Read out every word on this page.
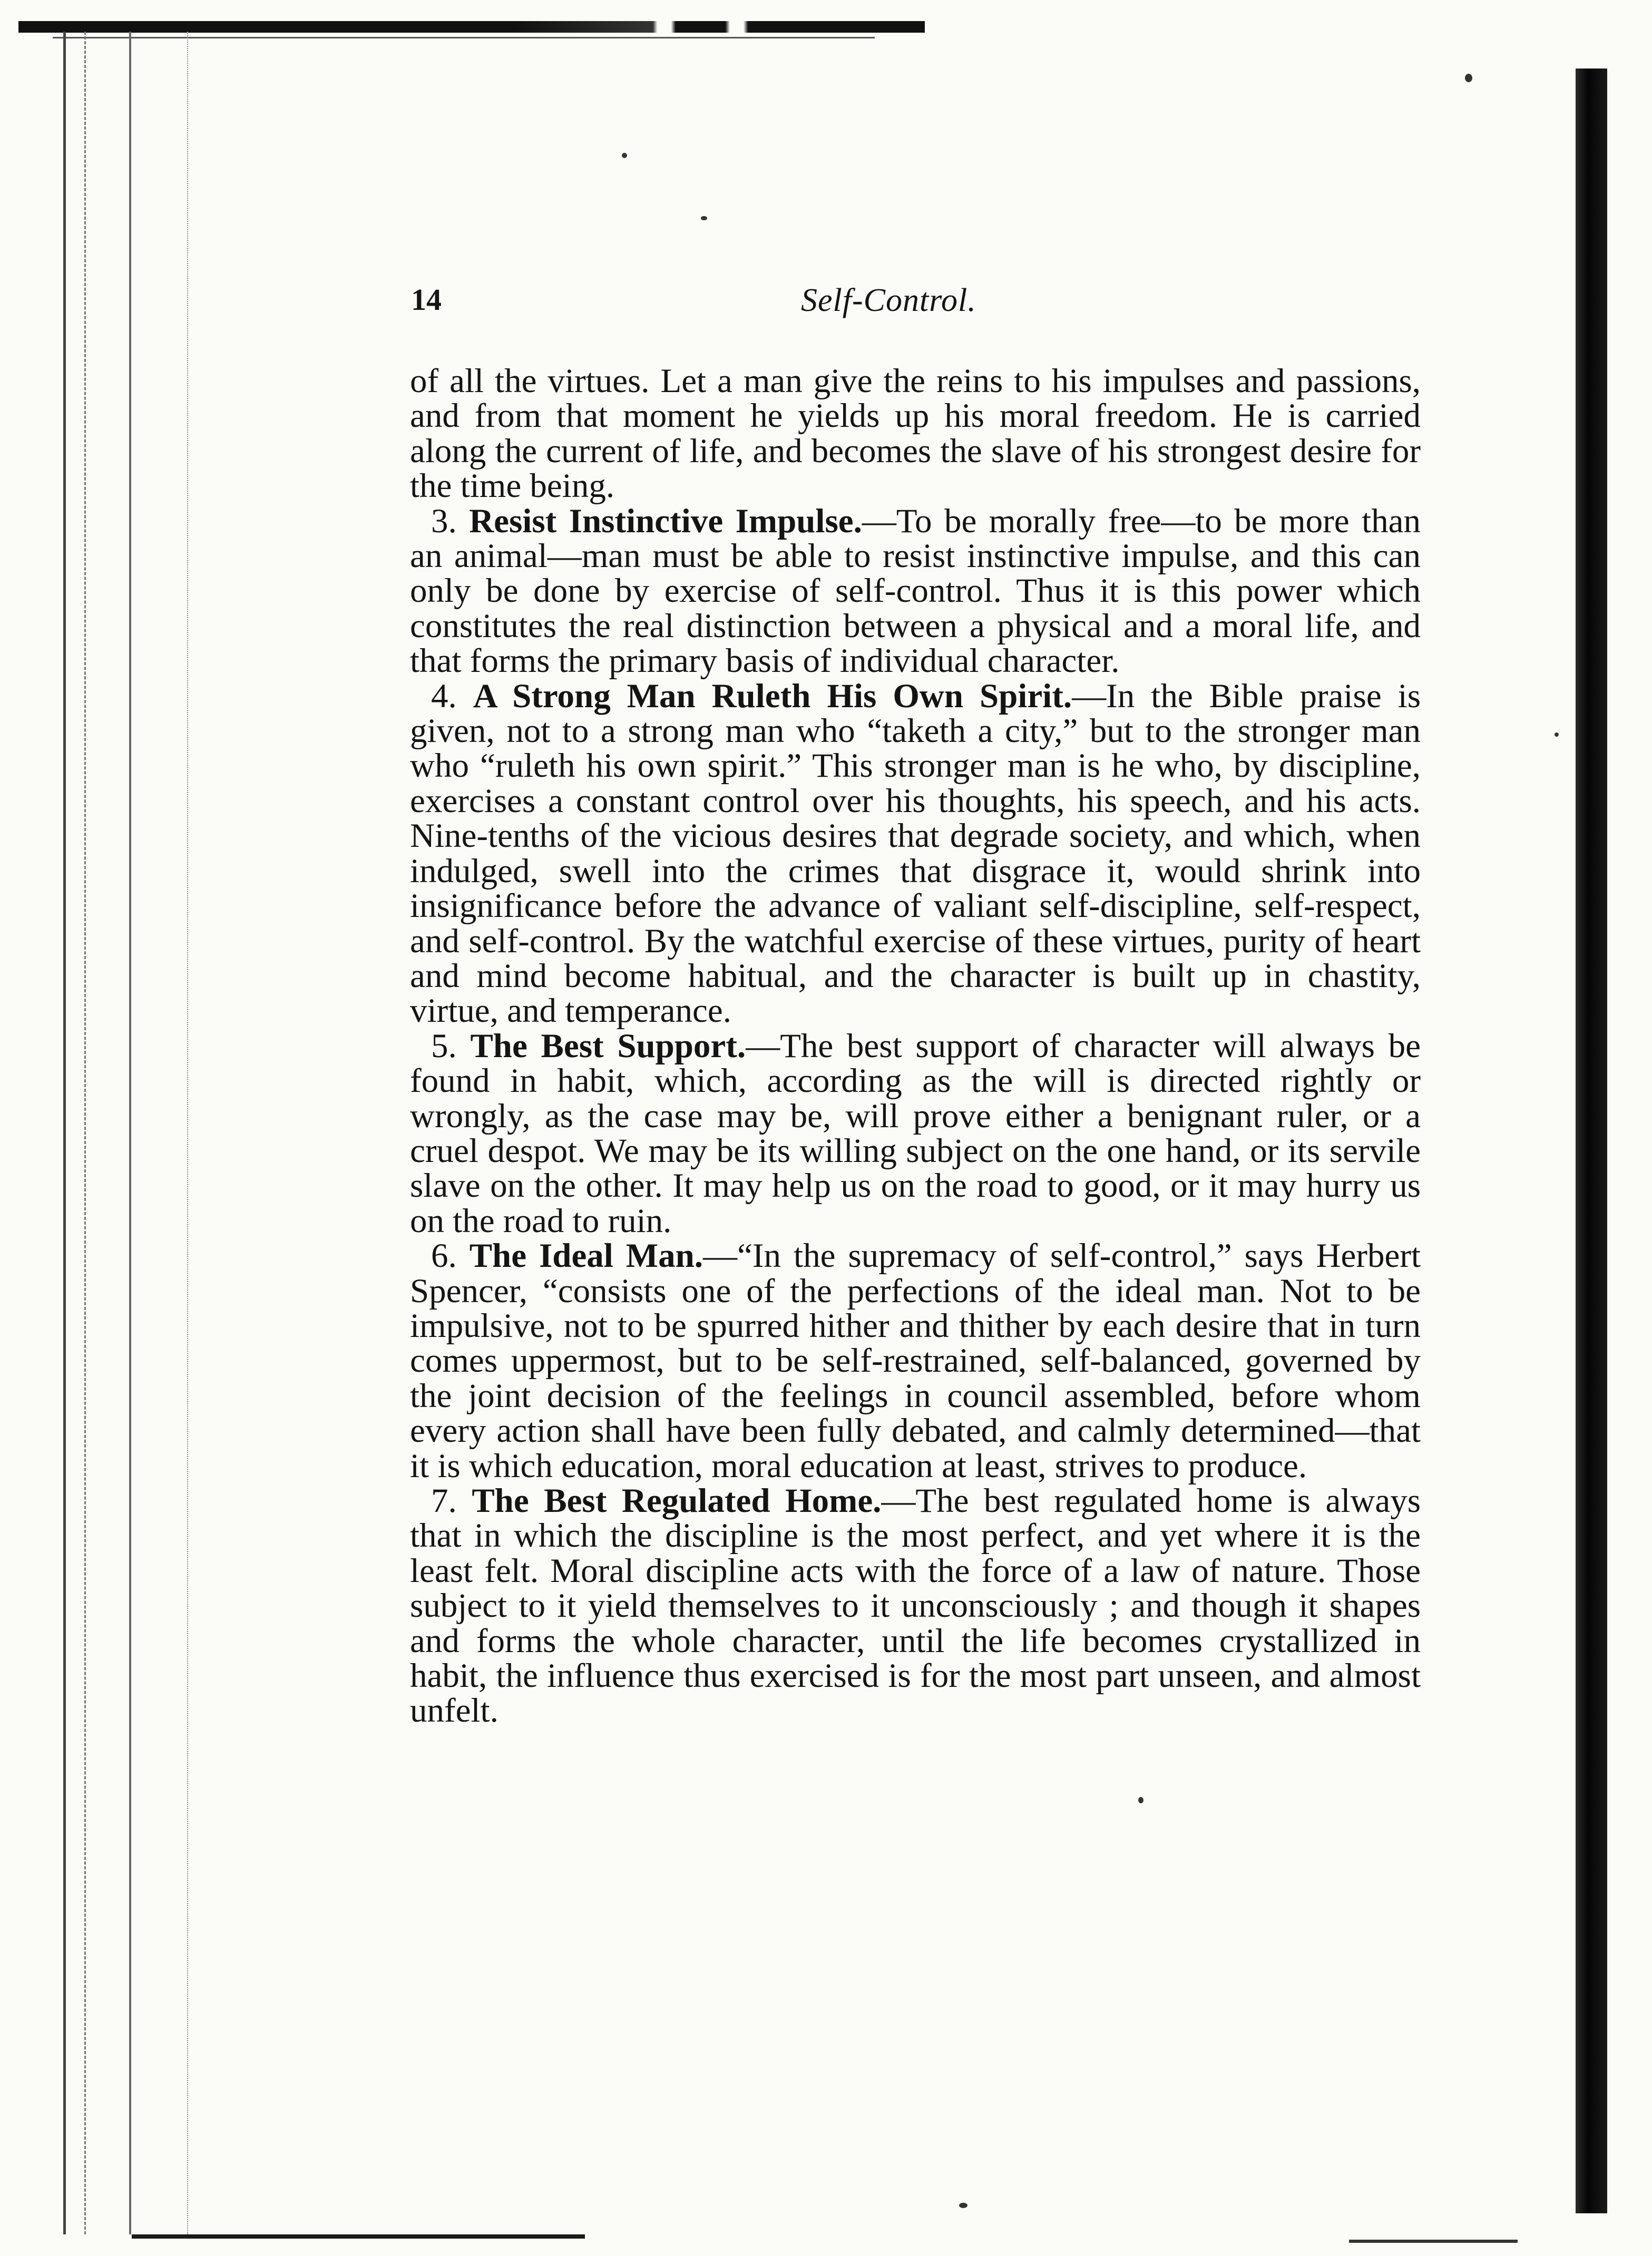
14	Self-Control.

of all the virtues. Let a man give the reins to his impulses and passions, and from that moment he yields up his moral freedom. He is carried along the current of life, and becomes the slave of his strongest desire for the time being.

3. Resist Instinctive Impulse.—To be morally free—to be more than an animal—man must be able to resist instinctive impulse, and this can only be done by exercise of self-control. Thus it is this power which constitutes the real distinction between a physical and a moral life, and that forms the primary basis of individual character.

4. A Strong Man Ruleth His Own Spirit.—In the Bible praise is given, not to a strong man who “taketh a city,” but to the stronger man who “ruleth his own spirit.” This stronger man is he who, by discipline, exercises a constant control over his thoughts, his speech, and his acts. Nine-tenths of the vicious desires that degrade society, and which, when indulged, swell into the crimes that disgrace it, would shrink into insignificance before the advance of valiant self-discipline, self-respect, and self-control. By the watchful exercise of these virtues, purity of heart and mind become habitual, and the character is built up in chastity, virtue, and temperance.

5. The Best Support.—The best support of character will always be found in habit, which, according as the will is directed rightly or wrongly, as the case may be, will prove either a benignant ruler, or a cruel despot. We may be its willing subject on the one hand, or its servile slave on the other. It may help us on the road to good, or it may hurry us on the road to ruin.

6. The Ideal Man.—“In the supremacy of self-control,” says Herbert Spencer, “consists one of the perfections of the ideal man. Not to be impulsive, not to be spurred hither and thither by each desire that in turn comes uppermost, but to be self-restrained, self-balanced, governed by the joint decision of the feelings in council assembled, before whom every action shall have been fully debated, and calmly determined—that it is which education, moral education at least, strives to produce.

7. The Best Regulated Home.—The best regulated home is always that in which the discipline is the most perfect, and yet where it is the least felt. Moral discipline acts with the force of a law of nature. Those subject to it yield themselves to it unconsciously ; and though it shapes and forms the whole character, until the life becomes crystallized in habit, the influence thus exercised is for the most part unseen, and almost unfelt.
